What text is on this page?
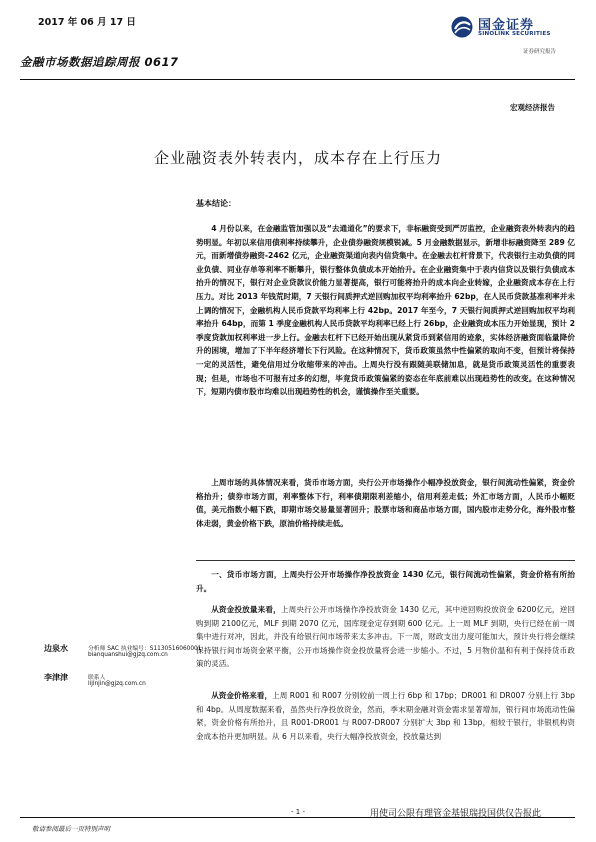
2017 年 06 月 17 日
金融市场数据追踪周报 0617
国金证券
SINOLINK SECURITIES
证券研究报告
宏观经济报告
企业融资表外转表内，成本存在上行压力
基本结论：

4 月份以来，在金融监管加强以及“去通道化”的要求下，非标融资受到严厉监控，企业融资表外转表内的趋势明显。年初以来信用债利率持续攀升，企业债券融资规模锐减。5 月金融数据显示，新增非标融资降至 289 亿元，而新增债券融资-2462 亿元，企业融资渠道向表内信贷集中。在金融去杠杆背景下，代表银行主动负债的同业负债、同业存单等利率不断攀升，银行整体负债成本开始抬升。在企业融资集中于表内信贷以及银行负债成本抬升的情况下，银行对企业贷款议价能力显著提高，银行可能将抬升的成本向企业转嫁，企业融资成本存在上行压力。对比 2013 年钱荒时期，7 天银行间质押式逆回购加权平均利率抬升 62bp，在人民币贷款基准利率并未上调的情况下，金融机构人民币贷款平均利率上行 42bp。2017 年至今，7 天银行间质押式逆回购加权平均利率抬升 64bp，而第 1 季度金融机构人民币贷款平均利率已经上行 26bp，企业融资成本压力开始显现，预计 2 季度贷款加权利率进一步上行。金融去杠杆下已经开始出现从紧货币到紧信用的迹象，实体经济融资面临量降价升的困境，增加了下半年经济增长下行风险。在这种情况下，货币政策虽然中性偏紧的取向不变，但预计将保持一定的灵活性，避免信用过分收缩带来的冲击。上周央行没有跟随美联储加息，就是货币政策灵活性的重要表现；但是，市场也不可报有过多的幻想，毕竟货币政策偏紧的姿态在年底前难以出现趋势性的改变。在这种情况下，短期内债市股市均难以出现趋势性的机会，谨慎操作至关重要。

上周市场的具体情况来看，货币市场方面，央行公开市场操作小幅净投放资金，银行间流动性偏紧，资金价格抬升；债券市场方面，利率整体下行，利率债期限利差缩小，信用利差走低；外汇市场方面，人民币小幅贬值，美元指数小幅下跌，即期市场交易量显著回升；股票市场和商品市场方面，国内股市走势分化，海外股市整体走弱，黄金价格下跌，原油价格持续走低。

一、货币市场方面，上周央行公开市场操作净投放资金 1430 亿元，银行间流动性偏紧，资金价格有所抬升。

从资金投放量来看，上周央行公开市场操作净投放资金 1430 亿元，其中逆回购投放资金 6200亿元，逆回购到期 2100亿元，MLF 到期 2070 亿元，国库现金定存到期 600 亿元。上一周 MLF 到期，央行已经在前一周集中进行对冲，因此，并没有给银行间市场带来太多冲击。下一周，财政支出力度可能加大，预计央行将会继续保持银行间市场资金紧平衡，公开市场操作资金投放量将会进一步缩小。不过，5 月物价温和有利于保持货币政策的灵活。

从资金价格来看，上周 R001 和 R007 分别较前一周上行 6bp 和 17bp；DR001 和 DR007 分别上行 3bp 和 4bp。从周度数据来看，虽然央行净投放资金，然而，季末期金融对资金需求显著增加，银行间市场流动性偏紧，资金价格有所抬升，且 R001-DR001 与 R007-DR007 分别扩大 3bp 和 13bp，相较于银行，非银机构资金成本抬升更加明显。从 6 月以来看，央行大幅净投放资金，投放量达到

边泉水	分析师 SAC 执业编号：S1130516060001
bianquanshui@gjzq.com.cn
李津津	联系人
lijinjin@gjzq.com.cn
- 1 -	用使司公限有理管金基银瑞投国供仅告报此
敬请参阅最后一页特别声明
